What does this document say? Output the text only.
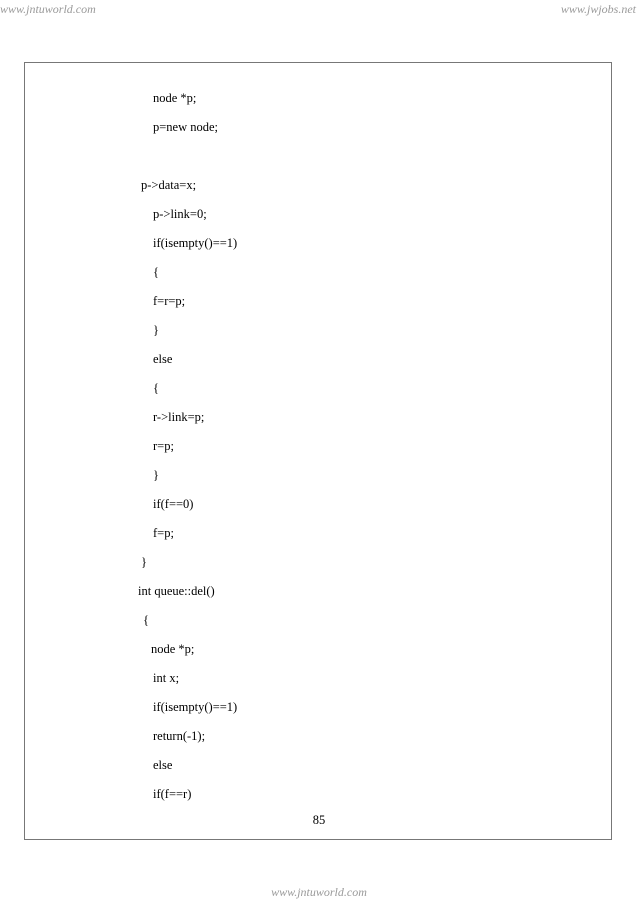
www.jntuworld.com	www.jwjobs.net
node *p;
p=new node;
p->data=x;
p->link=0;
if(isempty()==1)
{
f=r=p;
}
else
{
r->link=p;
r=p;
}
if(f==0)
f=p;
}
int queue::del()
{
node *p;
int x;
if(isempty()==1)
return(-1);
else
if(f==r)
85
www.jntuworld.com
